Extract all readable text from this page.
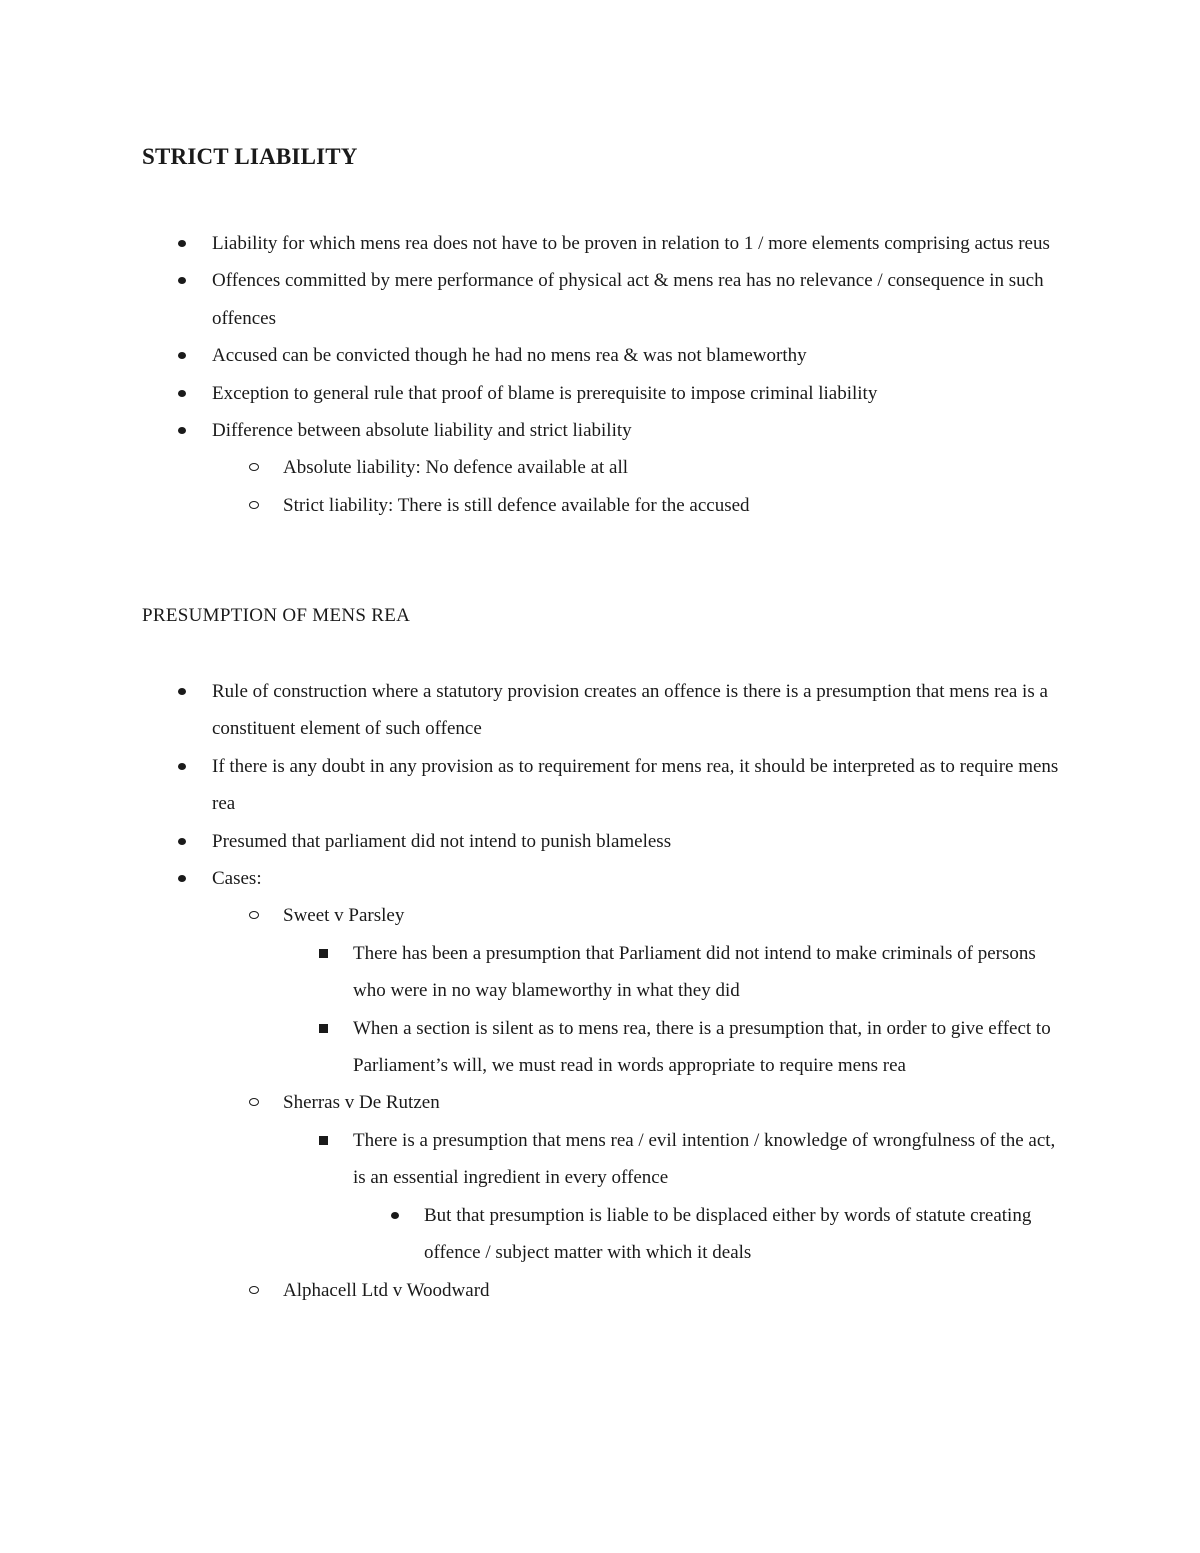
STRICT LIABILITY
Liability for which mens rea does not have to be proven in relation to 1 / more elements comprising actus reus
Offences committed by mere performance of physical act & mens rea has no relevance / consequence in such offences
Accused can be convicted though he had no mens rea & was not blameworthy
Exception to general rule that proof of blame is prerequisite to impose criminal liability
Difference between absolute liability and strict liability
Absolute liability: No defence available at all
Strict liability: There is still defence available for the accused
PRESUMPTION OF MENS REA
Rule of construction where a statutory provision creates an offence is there is a presumption that mens rea is a constituent element of such offence
If there is any doubt in any provision as to requirement for mens rea, it should be interpreted as to require mens rea
Presumed that parliament did not intend to punish blameless
Cases:
Sweet v Parsley
There has been a presumption that Parliament did not intend to make criminals of persons who were in no way blameworthy in what they did
When a section is silent as to mens rea, there is a presumption that, in order to give effect to Parliament’s will, we must read in words appropriate to require mens rea
Sherras v De Rutzen
There is a presumption that mens rea / evil intention / knowledge of wrongfulness of the act, is an essential ingredient in every offence
But that presumption is liable to be displaced either by words of statute creating offence / subject matter with which it deals
Alphacell Ltd v Woodward
